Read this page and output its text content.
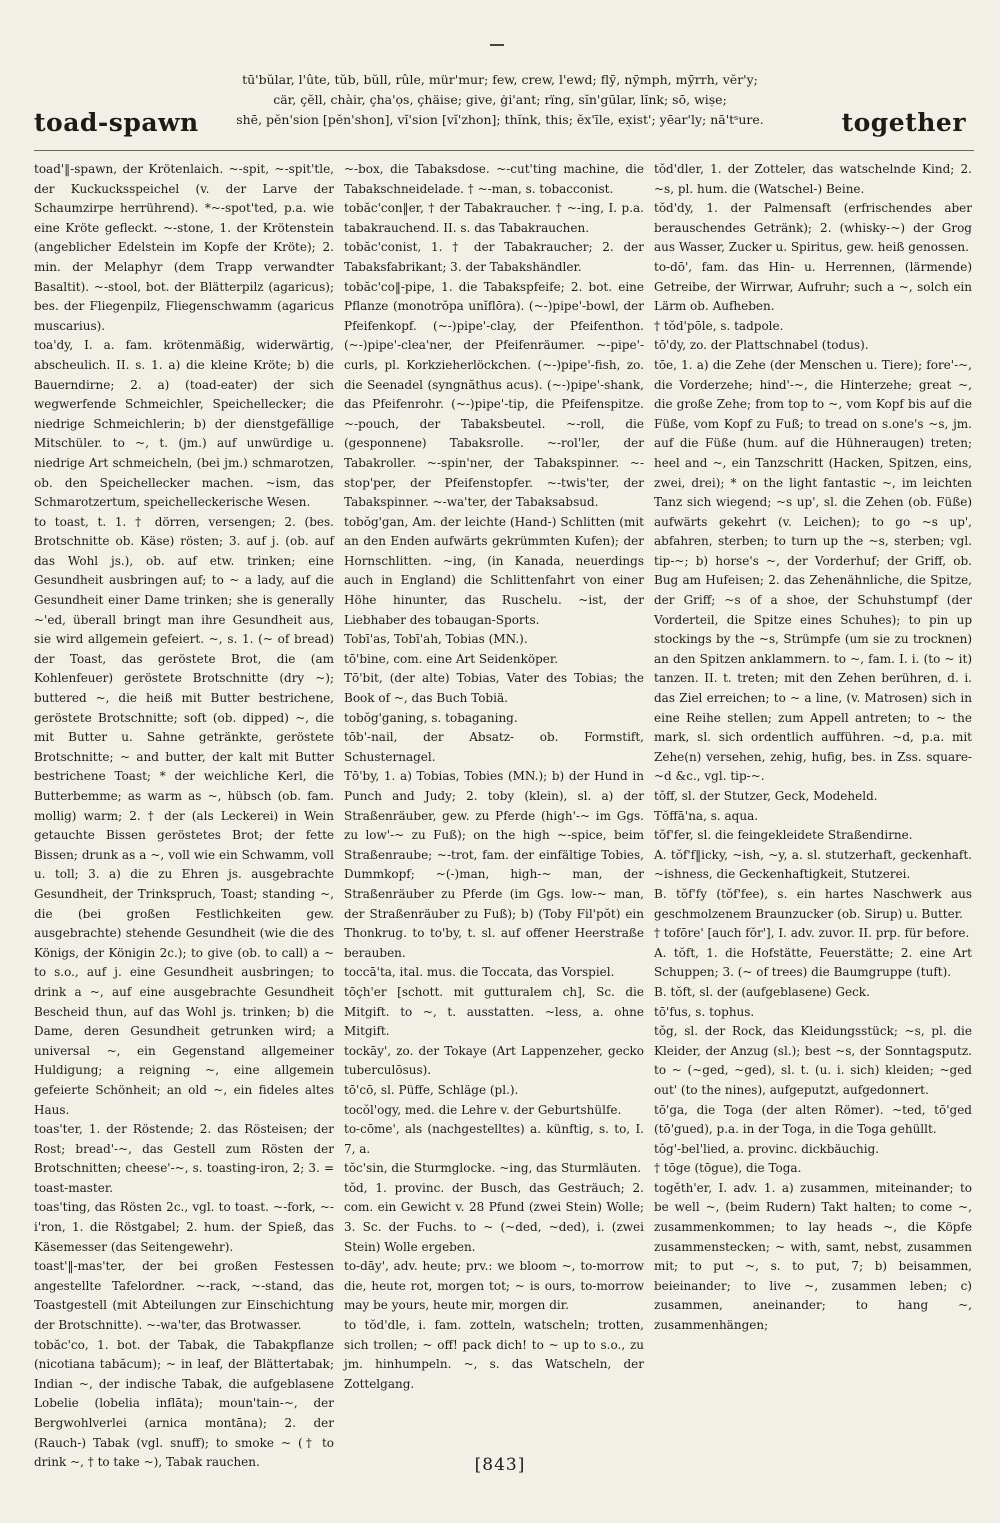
toad-spawn
tū'bŭlar, l'ûte, tŭb, bŭll, rûle, mür'mur; few, crew, l'ewd; flӯ, nӯmph, mӯrrh, vĕr'y;
cär, çĕll, chàir, çha'ọs, çhäise; give, ġi'ant; rïng, sĭn'gūlar, lĭnk; sō, wiṣe;
shē, pĕn'sion [pĕn'shon], vĭ'sion [vĭ'zhon]; thĭnk, this; ĕx'īle, ex̣ist'; yēar'ly; nā'tˢure.	together

toad'‖-spawn, der Krötenlaich. ~-spit, ~-spit'tle, der Kuckucksspeichel (v. der Larve der Schaumzirpe herrührend). *~-spot'ted, p.a. wie eine Kröte gefleckt. ~-stone, 1. der Krötenstein (angeblicher Edelstein im Kopfe der Kröte); 2. min. der Melaphyr (dem Trapp verwandter Basaltit). ~-stool, bot. der Blätterpilz (agaricus); bes. der Fliegenpilz, Fliegenschwamm (agaricus muscarius).

toa'dy, I. a. fam. krötenmäßig, widerwärtig, abscheulich. II. s. 1. a) die kleine Kröte; b) die Bauerndirne; 2. a) (toad-eater) der sich wegwerfende Schmeichler, Speichellecker; die niedrige Schmeichlerin; b) der dienstgefällige Mitschüler. to ~, t. (jm.) auf unwürdige u. niedrige Art schmeicheln, (bei jm.) schmarotzen, ob. den Speichellecker machen. ~ism, das Schmarotzertum, speichelleckerische Wesen.

to toast, t. 1. † dörren, versengen; 2. (bes. Brotschnitte ob. Käse) rösten; 3. auf j. (ob. auf das Wohl js.), ob. auf etw. trinken; eine Gesundheit ausbringen auf; to ~ a lady, auf die Gesundheit einer Dame trinken; she is generally ~'ed, überall bringt man ihre Gesundheit aus, sie wird allgemein gefeiert. ~, s. 1. (~ of bread) der Toast, das geröstete Brot, die (am Kohlenfeuer) geröstete Brotschnitte (dry ~); buttered ~, die heiß mit Butter bestrichene, geröstete Brotschnitte; soft (ob. dipped) ~, die mit Butter u. Sahne getränkte, geröstete Brotschnitte; ~ and butter, der kalt mit Butter bestrichene Toast; * der weichliche Kerl, die Butterbemme; as warm as ~, hübsch (ob. fam. mollig) warm; 2. † der (als Leckerei) in Wein getauchte Bissen geröstetes Brot; der fette Bissen; drunk as a ~, voll wie ein Schwamm, voll u. toll; 3. a) die zu Ehren js. ausgebrachte Gesundheit, der Trinkspruch, Toast; standing ~, die (bei großen Festlichkeiten gew. ausgebrachte) stehende Gesundheit (wie die des Königs, der Königin 2c.); to give (ob. to call) a ~ to s.o., auf j. eine Gesundheit ausbringen; to drink a ~, auf eine ausgebrachte Gesundheit Bescheid thun, auf das Wohl js. trinken; b) die Dame, deren Gesundheit getrunken wird; a universal ~, ein Gegenstand allgemeiner Huldigung; a reigning ~, eine allgemein gefeierte Schönheit; an old ~, ein fideles altes Haus.

toas'ter, 1. der Röstende; 2. das Rösteisen; der Rost; bread'-~, das Gestell zum Rösten der Brotschnitten; cheese'-~, s. toasting-iron, 2; 3. = toast-master.

toas'ting, das Rösten 2c., vgl. to toast. ~-fork, ~-i'ron, 1. die Röstgabel; 2. hum. der Spieß, das Käsemesser (das Seitengewehr).

toast'‖-mas'ter, der bei großen Festessen angestellte Tafelordner. ~-rack, ~-stand, das Toastgestell (mit Abteilungen zur Einschichtung der Brotschnitte). ~-wa'ter, das Brotwasser.

tobăc'co, 1. bot. der Tabak, die Tabakpflanze (nicotiana tabăcum); ~ in leaf, der Blättertabak; Indian ~, der indische Tabak, die aufgeblasene Lobelie (lobelia inflāta); moun'tain-~, der Bergwohlverlei (arnica montāna); 2. der (Rauch-) Tabak (vgl. snuff); to smoke ~ († to drink ~, † to take ~), Tabak rauchen.

~-box, die Tabaksdose. ~-cut'ting machine, die Tabakschneidelade. † ~-man, s. tobacconist.

tobăc'con‖er, † der Tabakraucher. † ~-ing, I. p.a. tabakrauchend. II. s. das Tabakrauchen.

tobăc'conist, 1. † der Tabakraucher; 2. der Tabaksfabrikant; 3. der Tabakshändler.

tobăc'co‖-pipe, 1. die Tabakspfeife; 2. bot. eine Pflanze (monotrŏpa unĭflōra). (~-)pipe'-bowl, der Pfeifenkopf. (~-)pipe'-clay, der Pfeifenthon. (~-)pipe'-clea'ner, der Pfeifenräumer. ~-pipe'-curls, pl. Korkzieherlöckchen. (~-)pipe'-fish, zo. die Seenadel (syngnăthus acus). (~-)pipe'-shank, das Pfeifenrohr. (~-)pipe'-tip, die Pfeifenspitze. ~-pouch, der Tabaksbeutel. ~-roll, die (gesponnene) Tabaksrolle. ~-rol'ler, der Tabakroller. ~-spin'ner, der Tabakspinner. ~-stop'per, der Pfeifenstopfer. ~-twis'ter, der Tabakspinner. ~-wa'ter, der Tabaksabsud.

tobŏg'gan, Am. der leichte (Hand-) Schlitten (mit an den Enden aufwärts gekrümmten Kufen); der Hornschlitten. ~ing, (in Kanada, neuerdings auch in England) die Schlittenfahrt von einer Höhe hinunter, das Ruschelu. ~ist, der Liebhaber des tobaugan-Sports.

Tobī'as, Tobī'ah, Tobias (MN.).

tō'bine, com. eine Art Seidenköper.

Tō'bit, (der alte) Tobias, Vater des Tobias; the Book of ~, das Buch Tobiä.

tobŏg'ganing, s. tobaganing.

tōb'-nail, der Absatz- ob. Formstift, Schusternagel.

Tō'by, 1. a) Tobias, Tobies (MN.); b) der Hund in Punch and Judy; 2. toby (klein), sl. a) der Straßenräuber, gew. zu Pferde (high'-~ im Ggs. zu low'-~ zu Fuß); on the high ~-spice, beim Straßenraube; ~-trot, fam. der einfältige Tobies, Dummkopf; ~(-)man, high-~ man, der Straßenräuber zu Pferde (im Ggs. low-~ man, der Straßenräuber zu Fuß); b) (Toby Fil'pŏt) ein Thonkrug. to to'by, t. sl. auf offener Heerstraße berauben.

toccā'ta, ital. mus. die Toccata, das Vorspiel.

tōçh'er [schott. mit gutturalem ch], Sc. die Mitgift. to ~, t. ausstatten. ~less, a. ohne Mitgift.

tockāy', zo. der Tokaye (Art Lappenzeher, gecko tuberculōsus).

tō'cō, sl. Püffe, Schläge (pl.).

tocŏl'ogy, med. die Lehre v. der Geburtshülfe.

to-cōme', als (nachgestelltes) a. künftig, s. to, I. 7, a.

tŏc'sin, die Sturmglocke. ~ing, das Sturmläuten.

tŏd, 1. provinc. der Busch, das Gesträuch; 2. com. ein Gewicht v. 28 Pfund (zwei Stein) Wolle; 3. Sc. der Fuchs. to ~ (~ded, ~ded), i. (zwei Stein) Wolle ergeben.

to-dāy', adv. heute; prv.: we bloom ~, to-morrow die, heute rot, morgen tot; ~ is ours, to-morrow may be yours, heute mir, morgen dir.

to tŏd'dle, i. fam. zotteln, watscheln; trotten, sich trollen; ~ off! pack dich! to ~ up to s.o., zu jm. hinhumpeln. ~, s. das Watscheln, der Zottelgang.

tŏd'dler, 1. der Zotteler, das watschelnde Kind; 2. ~s, pl. hum. die (Watschel-) Beine.

tŏd'dy, 1. der Palmensaft (erfrischendes aber berauschendes Getränk); 2. (whisky-~) der Grog aus Wasser, Zucker u. Spiritus, gew. heiß genossen.

to-dō', fam. das Hin- u. Herrennen, (lärmende) Getreibe, der Wirrwar, Aufruhr; such a ~, solch ein Lärm ob. Aufheben.

† tŏd'pōle, s. tadpole.

tō'dy, zo. der Plattschnabel (todus).

tōe, 1. a) die Zehe (der Menschen u. Tiere); fore'-~, die Vorderzehe; hind'-~, die Hinterzehe; great ~, die große Zehe; from top to ~, vom Kopf bis auf die Füße, vom Kopf zu Fuß; to tread on s.one's ~s, jm. auf die Füße (hum. auf die Hühneraugen) treten; heel and ~, ein Tanzschritt (Hacken, Spitzen, eins, zwei, drei); * on the light fantastic ~, im leichten Tanz sich wiegend; ~s up', sl. die Zehen (ob. Füße) aufwärts gekehrt (v. Leichen); to go ~s up', abfahren, sterben; to turn up the ~s, sterben; vgl. tip-~; b) horse's ~, der Vorderhuf; der Griff, ob. Bug am Hufeisen; 2. das Zehenähnliche, die Spitze, der Griff; ~s of a shoe, der Schuhstumpf (der Vorderteil, die Spitze eines Schuhes); to pin up stockings by the ~s, Strümpfe (um sie zu trocknen) an den Spitzen anklammern. to ~, fam. I. i. (to ~ it) tanzen. II. t. treten; mit den Zehen berühren, d. i. das Ziel erreichen; to ~ a line, (v. Matrosen) sich in eine Reihe stellen; zum Appell antreten; to ~ the mark, sl. sich ordentlich aufführen. ~d, p.a. mit Zehe(n) versehen, zehig, hufig, bes. in Zss. square-~d &c., vgl. tip-~.

tŏff, sl. der Stutzer, Geck, Modeheld.

Tŏffā'na, s. aqua.

tŏf'fer, sl. die feingekleidete Straßendirne.

A. tŏf'f‖icky, ~ish, ~y, a. sl. stutzerhaft, geckenhaft. ~ishness, die Geckenhaftigkeit, Stutzerei.

B. tŏf'fy (tŏf'fee), s. ein hartes Naschwerk aus geschmolzenem Braunzucker (ob. Sirup) u. Butter.

† tofōre' [auch fŏr'], I. adv. zuvor. II. prp. für before.

A. tŏft, 1. die Hofstätte, Feuerstätte; 2. eine Art Schuppen; 3. (~ of trees) die Baumgruppe (tuft).

B. tŏft, sl. der (aufgeblasene) Geck.

tō'fus, s. tophus.

tŏg, sl. der Rock, das Kleidungsstück; ~s, pl. die Kleider, der Anzug (sl.); best ~s, der Sonntagsputz. to ~ (~ged, ~ged), sl. t. (u. i. sich) kleiden; ~ged out' (to the nines), aufgeputzt, aufgedonnert.

tō'ga, die Toga (der alten Römer). ~ted, tō'ged (tō'gued), p.a. in der Toga, in die Toga gehüllt.

tŏg'-bel'lied, a. provinc. dickbäuchig.

† tōge (tōgue), die Toga.

togĕth'er, I. adv. 1. a) zusammen, miteinander; to be well ~, (beim Rudern) Takt halten; to come ~, zusammenkommen; to lay heads ~, die Köpfe zusammenstecken; ~ with, samt, nebst, zusammen mit; to put ~, s. to put, 7; b) beisammen, beieinander; to live ~, zusammen leben; c) zusammen, aneinander; to hang ~, zusammenhängen;

[843]
